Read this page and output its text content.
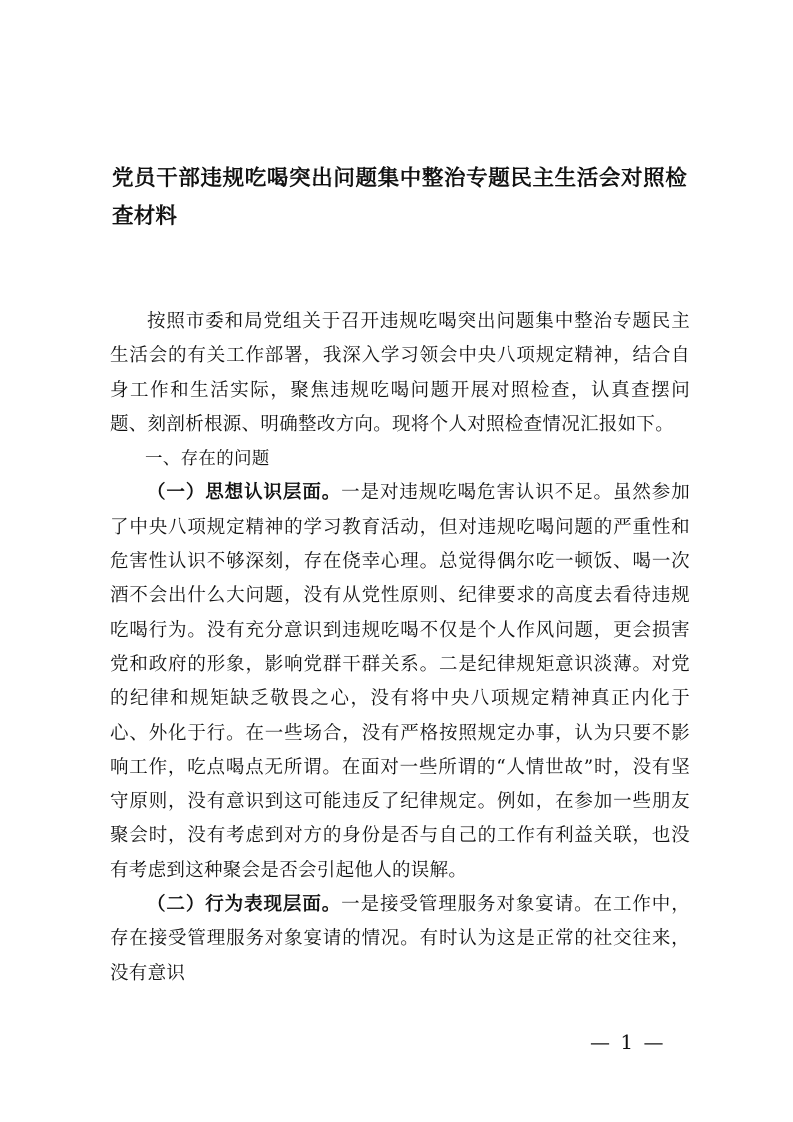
党员干部违规吃喝突出问题集中整治专题民主生活会对照检查材料

按照市委和局党组关于召开违规吃喝突出问题集中整治专题民主生活会的有关工作部署，我深入学习领会中央八项规定精神，结合自身工作和生活实际，聚焦违规吃喝问题开展对照检查，认真查摆问题、刻剖析根源、明确整改方向。现将个人对照检查情况汇报如下。

一、存在的问题

（一）思想认识层面。一是对违规吃喝危害认识不足。虽然参加了中央八项规定精神的学习教育活动，但对违规吃喝问题的严重性和危害性认识不够深刻，存在侥幸心理。总觉得偶尔吃一顿饭、喝一次酒不会出什么大问题，没有从党性原则、纪律要求的高度去看待违规吃喝行为。没有充分意识到违规吃喝不仅是个人作风问题，更会损害党和政府的形象，影响党群干群关系。二是纪律规矩意识淡薄。对党的纪律和规矩缺乏敬畏之心，没有将中央八项规定精神真正内化于心、外化于行。在一些场合，没有严格按照规定办事，认为只要不影响工作，吃点喝点无所谓。在面对一些所谓的“人情世故”时，没有坚守原则，没有意识到这可能违反了纪律规定。例如，在参加一些朋友聚会时，没有考虑到对方的身份是否与自己的工作有利益关联，也没有考虑到这种聚会是否会引起他人的误解。

（二）行为表现层面。一是接受管理服务对象宴请。在工作中，存在接受管理服务对象宴请的情况。有时认为这是正常的社交往来，没有意识

— 1 —
